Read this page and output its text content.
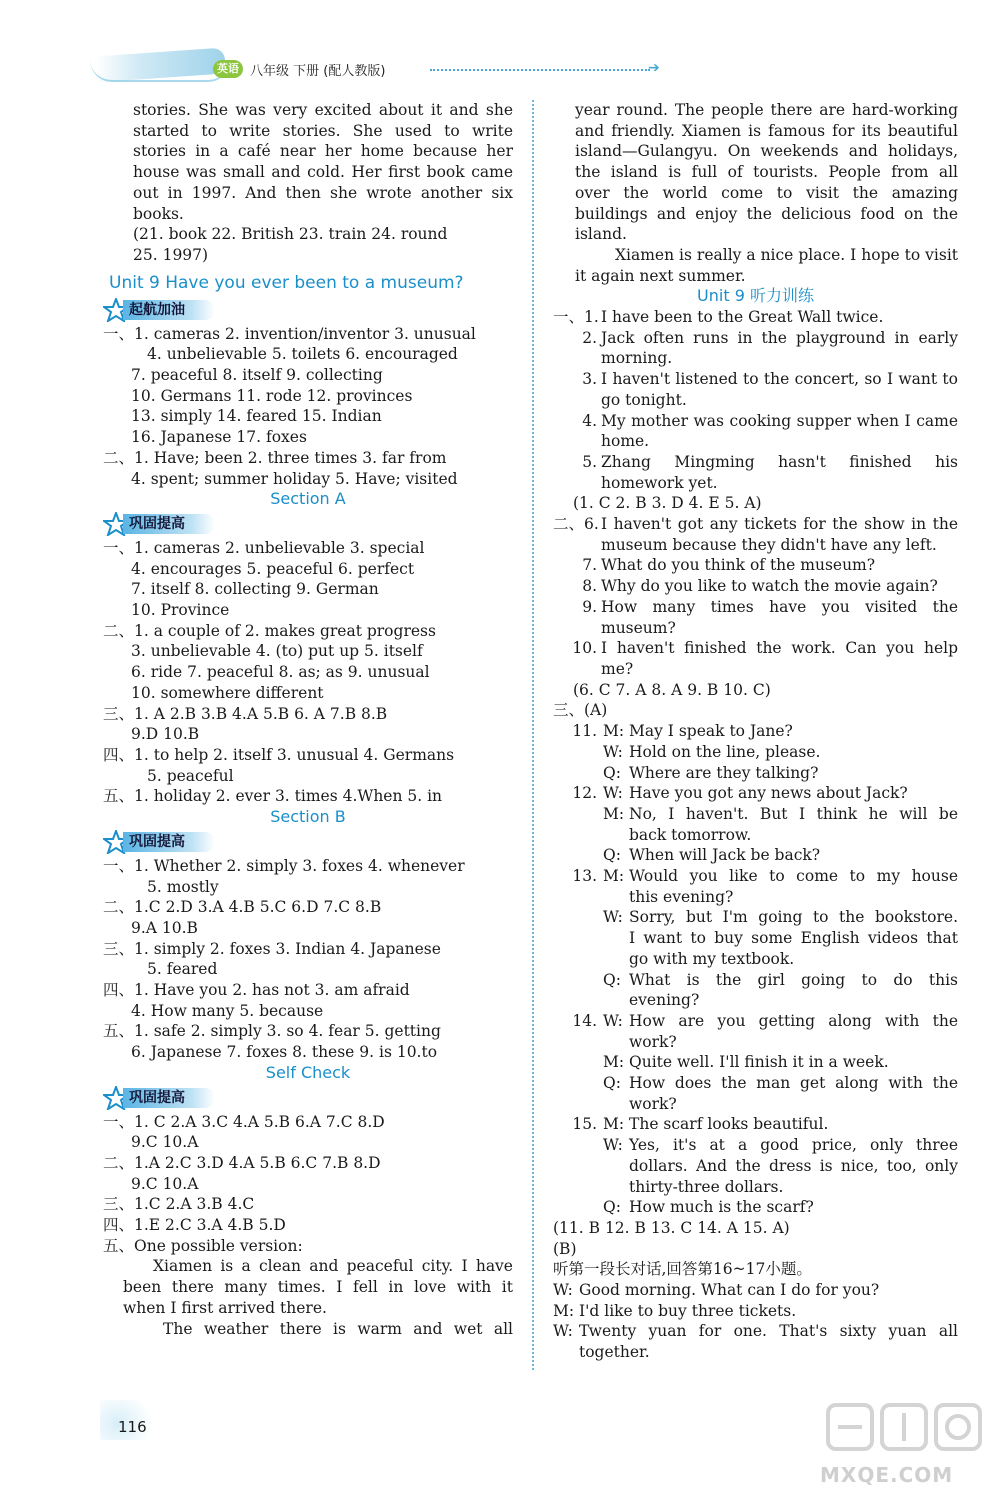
英语 八年级 下册 (配人教版)	➔
stories. She was very excited about it and she
started to write stories. She used to write
stories in a café near her home because her
house was small and cold. Her first book came
out in 1997. And then she wrote another six
books.
(21. book 22. British 23. train 24. round
25. 1997)
Unit 9 Have you ever been to a museum?
起航加油
一、1. cameras 2. invention/inventor 3. unusual
4. unbelievable 5. toilets 6. encouraged
7. peaceful 8. itself 9. collecting
10. Germans 11. rode 12. provinces
13. simply 14. feared 15. Indian
16. Japanese 17. foxes
二、1. Have; been 2. three times 3. far from
4. spent; summer holiday 5. Have; visited
Section A
巩固提高
一、1. cameras 2. unbelievable 3. special
4. encourages 5. peaceful 6. perfect
7. itself 8. collecting 9. German
10. Province
二、1. a couple of 2. makes great progress
3. unbelievable 4. (to) put up 5. itself
6. ride 7. peaceful 8. as; as 9. unusual
10. somewhere different
三、1. A 2.B 3.B 4.A 5.B 6. A 7.B 8.B
9.D 10.B
四、1. to help 2. itself 3. unusual 4. Germans
5. peaceful
五、1. holiday 2. ever 3. times 4.When 5. in
Section B
巩固提高
一、1. Whether 2. simply 3. foxes 4. whenever
5. mostly
二、1.C 2.D 3.A 4.B 5.C 6.D 7.C 8.B
9.A 10.B
三、1. simply 2. foxes 3. Indian 4. Japanese
5. feared
四、1. Have you 2. has not 3. am afraid
4. How many 5. because
五、1. safe 2. simply 3. so 4. fear 5. getting
6. Japanese 7. foxes 8. these 9. is 10.to
Self Check
巩固提高
一、1. C 2.A 3.C 4.A 5.B 6.A 7.C 8.D
9.C 10.A
二、1.A 2.C 3.D 4.A 5.B 6.C 7.B 8.D
9.C 10.A
三、1.C 2.A 3.B 4.C
四、1.E 2.C 3.A 4.B 5.D
五、One possible version:
Xiamen is a clean and peaceful city. I have
been there many times. I fell in love with it
when I first arrived there.
The weather there is warm and wet all
year round. The people there are hard-working
and friendly. Xiamen is famous for its beautiful
island—Gulangyu. On weekends and holidays,
the island is full of tourists. People from all
over the world come to visit the amazing
buildings and enjoy the delicious food on the
island.
Xiamen is really a nice place. I hope to visit
it again next summer.
Unit 9 听力训练
一、1. I have been to the Great Wall twice.
2. Jack often runs in the playground in early
morning.
3. I haven't listened to the concert, so I want to
go tonight.
4. My mother was cooking supper when I came
home.
5. Zhang Mingming hasn't finished his
homework yet.
(1. C 2. B 3. D 4. E 5. A)
二、6. I haven't got any tickets for the show in the
museum because they didn't have any left.
7. What do you think of the museum?
8. Why do you like to watch the movie again?
9. How many times have you visited the
museum?
10. I haven't finished the work. Can you help
me?
(6. C 7. A 8. A 9. B 10. C)
三、(A)
11. M: May I speak to Jane?
W: Hold on the line, please.
Q: Where are they talking?
12. W: Have you got any news about Jack?
M: No, I haven't. But I think he will be
back tomorrow.
Q: When will Jack be back?
13. M: Would you like to come to my house
this evening?
W: Sorry, but I'm going to the bookstore.
I want to buy some English videos that
go with my textbook.
Q: What is the girl going to do this
evening?
14. W: How are you getting along with the
work?
M: Quite well. I'll finish it in a week.
Q: How does the man get along with the
work?
15. M: The scarf looks beautiful.
W: Yes, it's at a good price, only three
dollars. And the dress is nice, too, only
thirty-three dollars.
Q: How much is the scarf?
(11. B 12. B 13. C 14. A 15. A)
(B)
听第一段长对话,回答第16~17小题。
W: Good morning. What can I do for you?
M: I'd like to buy three tickets.
W: Twenty yuan for one. That's sixty yuan all
together.
116
MXQE.COM
